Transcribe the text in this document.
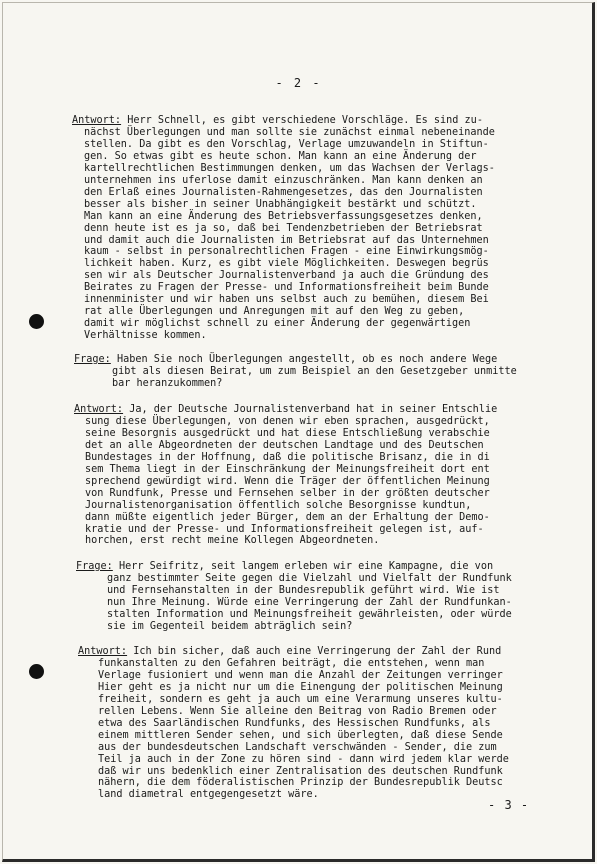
- 2 -
Antwort: Herr Schnell, es gibt verschiedene Vorschläge. Es sind zu-
nächst Überlegungen und man sollte sie zunächst einmal nebeneinande
stellen. Da gibt es den Vorschlag, Verlage umzuwandeln in Stiftun-
gen. So etwas gibt es heute schon. Man kann an eine Änderung der
kartellrechtlichen Bestimmungen denken, um das Wachsen der Verlags-
unternehmen ins uferlose damit einzuschränken. Man kann denken an
den Erlaß eines Journalisten-Rahmengesetzes, das den Journalisten
besser als bisher in seiner Unabhängigkeit bestärkt und schützt.
Man kann an eine Änderung des Betriebsverfassungsgesetzes denken,
denn heute ist es ja so, daß bei Tendenzbetrieben der Betriebsrat
und damit auch die Journalisten im Betriebsrat auf das Unternehmen
kaum - selbst in personalrechtlichen Fragen - eine Einwirkungsmög-
lichkeit haben. Kurz, es gibt viele Möglichkeiten. Deswegen begrüs
sen wir als Deutscher Journalistenverband ja auch die Gründung des
Beirates zu Fragen der Presse- und Informationsfreiheit beim Bunde
innenminister und wir haben uns selbst auch zu bemühen, diesem Bei
rat alle Überlegungen und Anregungen mit auf den Weg zu geben,
damit wir möglichst schnell zu einer Änderung der gegenwärtigen
Verhältnisse kommen.
Frage: Haben Sie noch Überlegungen angestellt, ob es noch andere Wege
gibt als diesen Beirat, um zum Beispiel an den Gesetzgeber unmitte
bar heranzukommen?
Antwort: Ja, der Deutsche Journalistenverband hat in seiner Entschlie
sung diese Überlegungen, von denen wir eben sprachen, ausgedrückt,
seine Besorgnis ausgedrückt und hat diese Entschließung verabschie
det an alle Abgeordneten der deutschen Landtage und des Deutschen
Bundestages in der Hoffnung, daß die politische Brisanz, die in di
sem Thema liegt in der Einschränkung der Meinungsfreiheit dort ent
sprechend gewürdigt wird. Wenn die Träger der öffentlichen Meinung
von Rundfunk, Presse und Fernsehen selber in der größten deutscher
Journalistenorganisation öffentlich solche Besorgnisse kundtun,
dann müßte eigentlich jeder Bürger, dem an der Erhaltung der Demo-
kratie und der Presse- und Informationsfreiheit gelegen ist, auf-
horchen, erst recht meine Kollegen Abgeordneten.
Frage: Herr Seifritz, seit langem erleben wir eine Kampagne, die von
ganz bestimmter Seite gegen die Vielzahl und Vielfalt der Rundfunk
und Fernsehanstalten in der Bundesrepublik geführt wird. Wie ist
nun Ihre Meinung. Würde eine Verringerung der Zahl der Rundfunkan-
stalten Information und Meinungsfreiheit gewährleisten, oder würde
sie im Gegenteil beidem abträglich sein?
Antwort: Ich bin sicher, daß auch eine Verringerung der Zahl der Rund
funkanstalten zu den Gefahren beiträgt, die entstehen, wenn man
Verlage fusioniert und wenn man die Anzahl der Zeitungen verringer
Hier geht es ja nicht nur um die Einengung der politischen Meinung
freiheit, sondern es geht ja auch um eine Verarmung unseres kultu-
rellen Lebens. Wenn Sie alleine den Beitrag von Radio Bremen oder
etwa des Saarländischen Rundfunks, des Hessischen Rundfunks, als
einem mittleren Sender sehen, und sich überlegten, daß diese Sende
aus der bundesdeutschen Landschaft verschwänden - Sender, die zum
Teil ja auch in der Zone zu hören sind - dann wird jedem klar werde
daß wir uns bedenklich einer Zentralisation des deutschen Rundfunk
nähern, die dem föderalistischen Prinzip der Bundesrepublik Deutsc
land diametral entgegengesetzt wäre.
- 3 -
